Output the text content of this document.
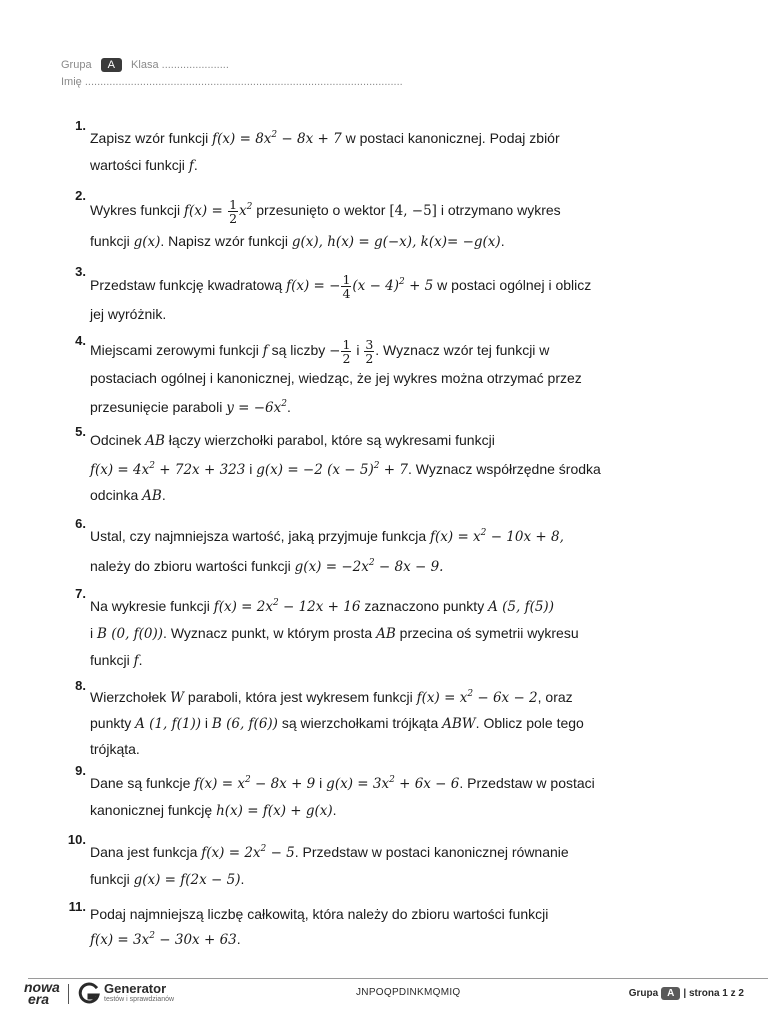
Grupa A Klasa ......................
Imię ........................................................................................................
1.
Zapisz wzór funkcji $f(x) = 8x^2 - 8x + 7$ w postaci kanonicznej. Podaj zbiór
wartości funkcji f.
2.
Wykres funkcji $f(x) = \frac{1}{2} x^2$ przesunięto o wektor [4, −5] i otrzymano wykres
funkcji g(x). Napisz wzór funkcji g(x), h(x) = g(−x), k(x)= −g(x).
3.
Przedstaw funkcję kwadratową f(x) = − $\frac{1}{4} (x - 4)^2 + 5$ w postaci ogólnej i oblicz
jej wyróżnik.
4.
Miejscami zerowymi funkcji f są liczby − $\frac{1}{2}$ i $\frac{3}{2}$ . Wyznacz wzór tej funkcji w
postaciach ogólnej i kanonicznej, wiedząc, że jej wykres można otrzymać przez
przesunięcie paraboli $y = -6x^2$.
5.
Odcinek AB łączy wierzchołki parabol, które są wykresami funkcji
$f(x) = 4x^2 + 72x + 323$ i g(x) = −2 $(x - 5)^2 + 7$. Wyznacz współrzędne środka
odcinka AB.
6.
Ustal, czy najmniejsza wartość, jaką przyjmuje funkcja $f(x) = x^2 - 10x + 8$,
należy do zbioru wartości funkcji $g(x) = -2x^2 - 8x - 9$.
7.
Na wykresie funkcji $f(x) = 2x^2 - 12x + 16$ zaznaczono punkty A (5, f(5))
i B (0, f(0)). Wyznacz punkt, w którym prosta AB przecina oś symetrii wykresu
funkcji f.
8.
Wierzchołek W paraboli, która jest wykresem funkcji $f(x) = x^2 - 6x - 2$, oraz
punkty A (1, f(1)) i B (6, f(6)) są wierzchołkami trójkąta ABW. Oblicz pole tego
trójkąta.
9.
Dane są funkcje $f(x) = x^2 - 8x + 9$ i $g(x) = 3x^2 + 6x - 6$. Przedstaw w postaci
kanonicznej funkcję h(x) = f(x) + g(x).
10.
Dana jest funkcja $f(x) = 2x^2 - 5$. Przedstaw w postaci kanonicznej równanie
funkcji g(x) = f(2x − 5).
11. Podaj najmniejszą liczbę całkowitą, która należy do zbioru wartości funkcji
$f(x) = 3x^2 - 30x + 63$.
nowa
era
Generator
testów i sprawdzianów
JNPOQPDINKMQMIQ	Grupa A | strona 1 z 2
